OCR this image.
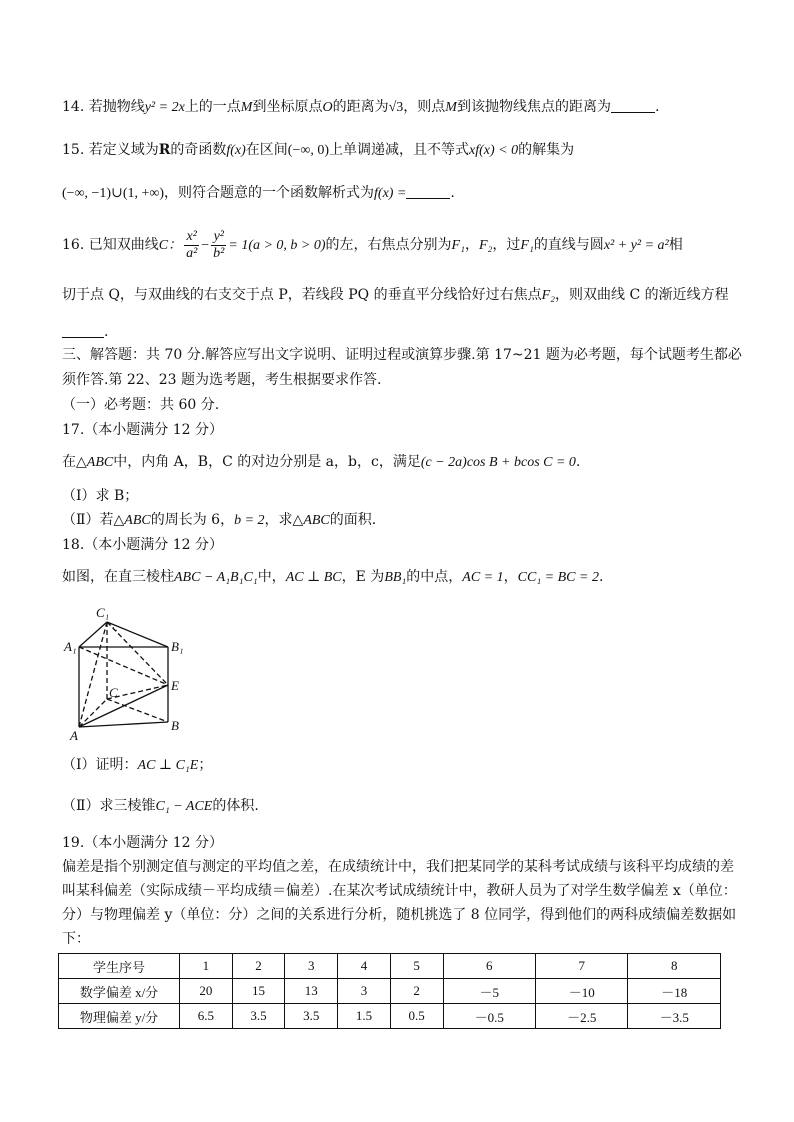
14. 若抛物线y² = 2x上的一点M到坐标原点O的距离为√3，则点M到该抛物线焦点的距离为	.
15. 若定义域为R的奇函数f(x)在区间(−∞, 0)上单调递减，且不等式xf(x) < 0的解集为
(−∞, −1)∪(1, +∞)，则符合题意的一个函数解析式为f(x) =	.
16. 已知双曲线C： $\frac{\text{x²}}{\text{a²}} - \frac{\text{y²}}{\text{b²}} = 1(a > 0$, b > 0)的左，右焦点分别为F₁，F₂，过F₁的直线与圆x² + y² = a²相
切于点 Q，与双曲线的右支交于点 P，若线段 PQ 的垂直平分线恰好过右焦点F₂，则双曲线 C 的渐近线方程
.
三、解答题：共 70 分.解答应写出文字说明、证明过程或演算步骤.第 17~21 题为必考题，每个试题考生都必
须作答.第 22、23 题为选考题，考生根据要求作答.
（一）必考题：共 60 分.
17.（本小题满分 12 分）
在△ABC中，内角 A，B，C 的对边分别是 a，b，c，满足(c − 2a)cos B + bcos C = 0.
（Ⅰ）求 B；
（Ⅱ）若△ABC的周长为 6，b = 2，求△ABC的面积.
18.（本小题满分 12 分）
如图，在直三棱柱ABC − A₁B₁C₁中，AC ⊥ BC，E 为BB₁的中点，AC = 1，CC₁ = BC = 2.
C₁
A₁	B₁
C	E
A
B
（Ⅰ）证明：AC ⊥ C₁E；
（Ⅱ）求三棱锥C₁ − ACE的体积.
19.（本小题满分 12 分）
偏差是指个别测定值与测定的平均值之差，在成绩统计中，我们把某同学的某科考试成绩与该科平均成绩的差
叫某科偏差（实际成绩－平均成绩＝偏差）.在某次考试成绩统计中，教研人员为了对学生数学偏差 x（单位：
分）与物理偏差 y（单位：分）之间的关系进行分析，随机挑选了 8 位同学，得到他们的两科成绩偏差数据如
下：
学生序号	1	2	3	4	5	6	7	8
数学偏差 x/分	20	15	13	3	2	－5	－10	－18
物理偏差 y/分	6.5	3.5	3.5	1.5	0.5	－0.5	－2.5	－3.5
